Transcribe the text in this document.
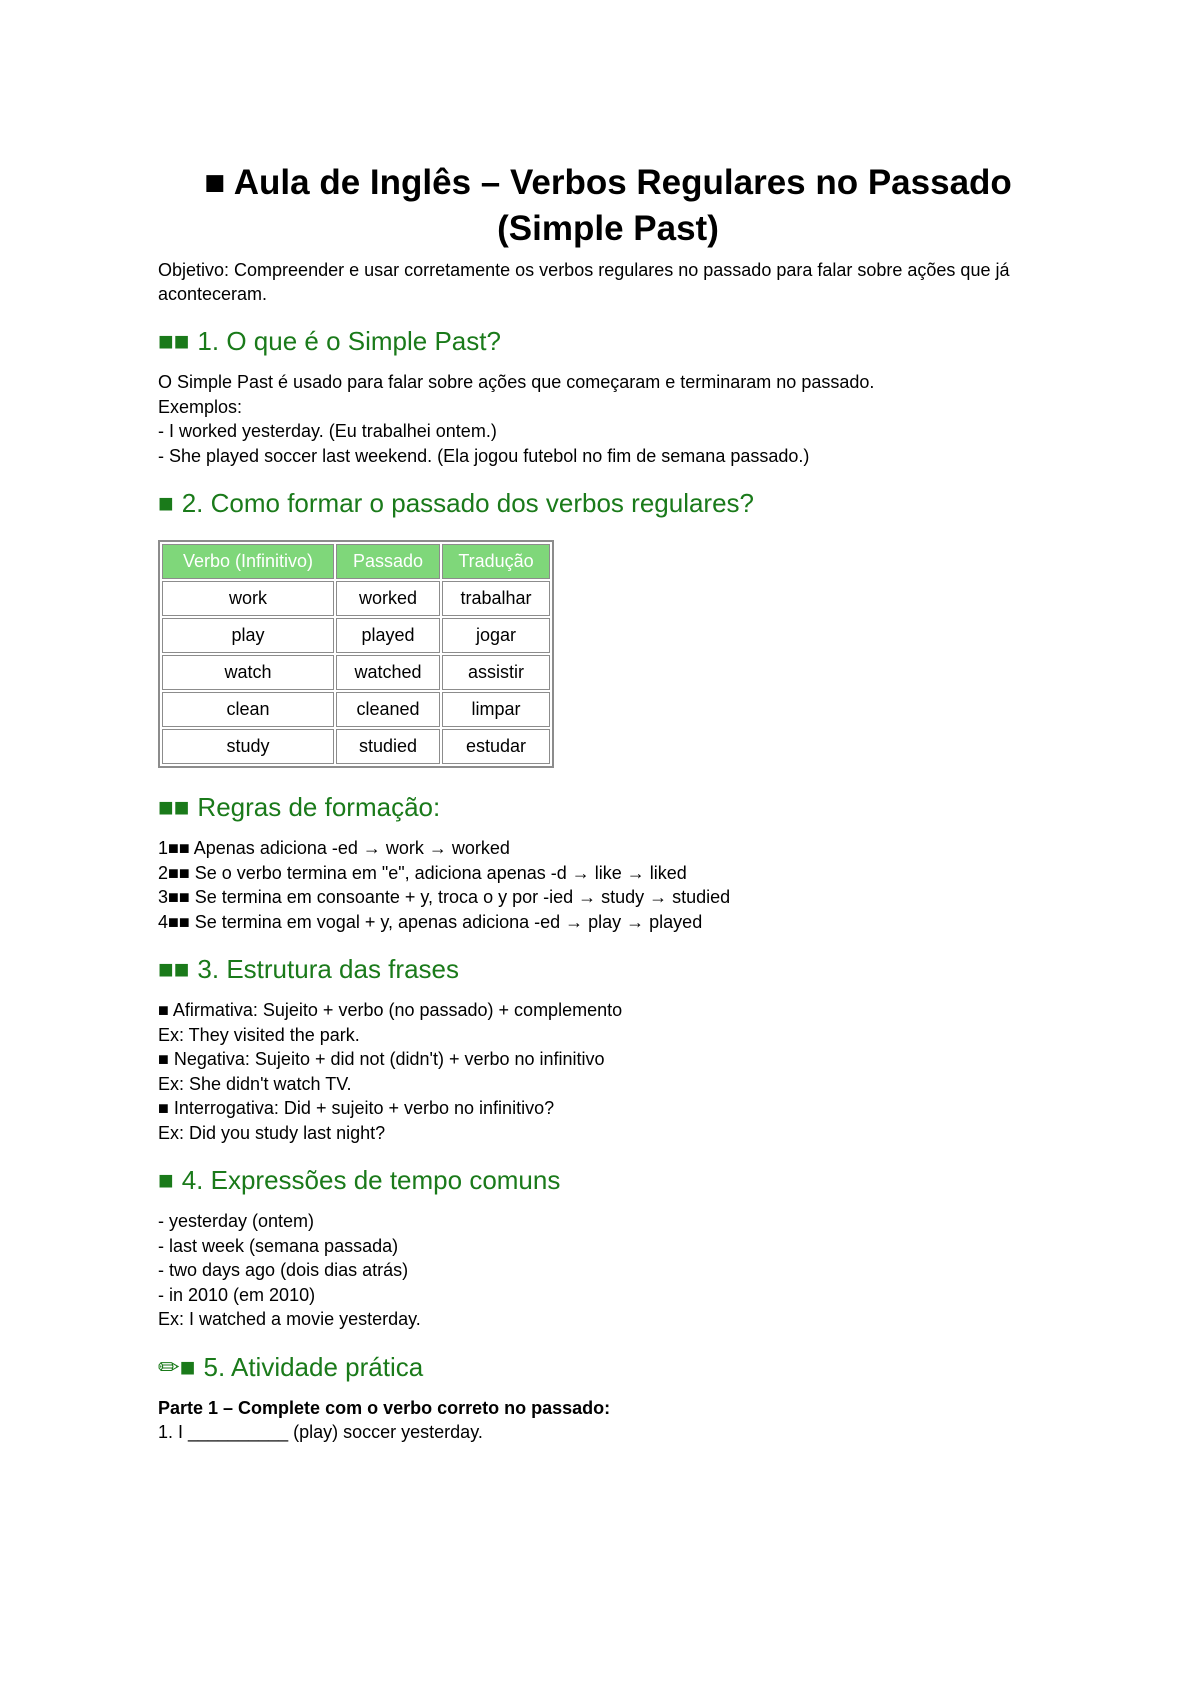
■ Aula de Inglês – Verbos Regulares no Passado
(Simple Past)

Objetivo: Compreender e usar corretamente os verbos regulares no passado para falar sobre ações que já aconteceram.

■■ 1. O que é o Simple Past?
O Simple Past é usado para falar sobre ações que começaram e terminaram no passado.
Exemplos:
- I worked yesterday. (Eu trabalhei ontem.)
- She played soccer last weekend. (Ela jogou futebol no fim de semana passado.)
■ 2. Como formar o passado dos verbos regulares?
Verbo (Infinitivo)	Passado	Tradução
work	worked	trabalhar
play	played	jogar
watch	watched	assistir
clean	cleaned	limpar
study	studied	estudar
■■ Regras de formação:
1■■ Apenas adiciona -ed → work → worked
2■■ Se o verbo termina em "e", adiciona apenas -d → like → liked
3■■ Se termina em consoante + y, troca o y por -ied → study → studied
4■■ Se termina em vogal + y, apenas adiciona -ed → play → played
■■ 3. Estrutura das frases
■ Afirmativa: Sujeito + verbo (no passado) + complemento
Ex: They visited the park.
■ Negativa: Sujeito + did not (didn't) + verbo no infinitivo
Ex: She didn't watch TV.
■ Interrogativa: Did + sujeito + verbo no infinitivo?
Ex: Did you study last night?
■ 4. Expressões de tempo comuns
- yesterday (ontem)
- last week (semana passada)
- two days ago (dois dias atrás)
- in 2010 (em 2010)
Ex: I watched a movie yesterday.
✏■ 5. Atividade prática
Parte 1 – Complete com o verbo correto no passado:
1. I __________ (play) soccer yesterday.
